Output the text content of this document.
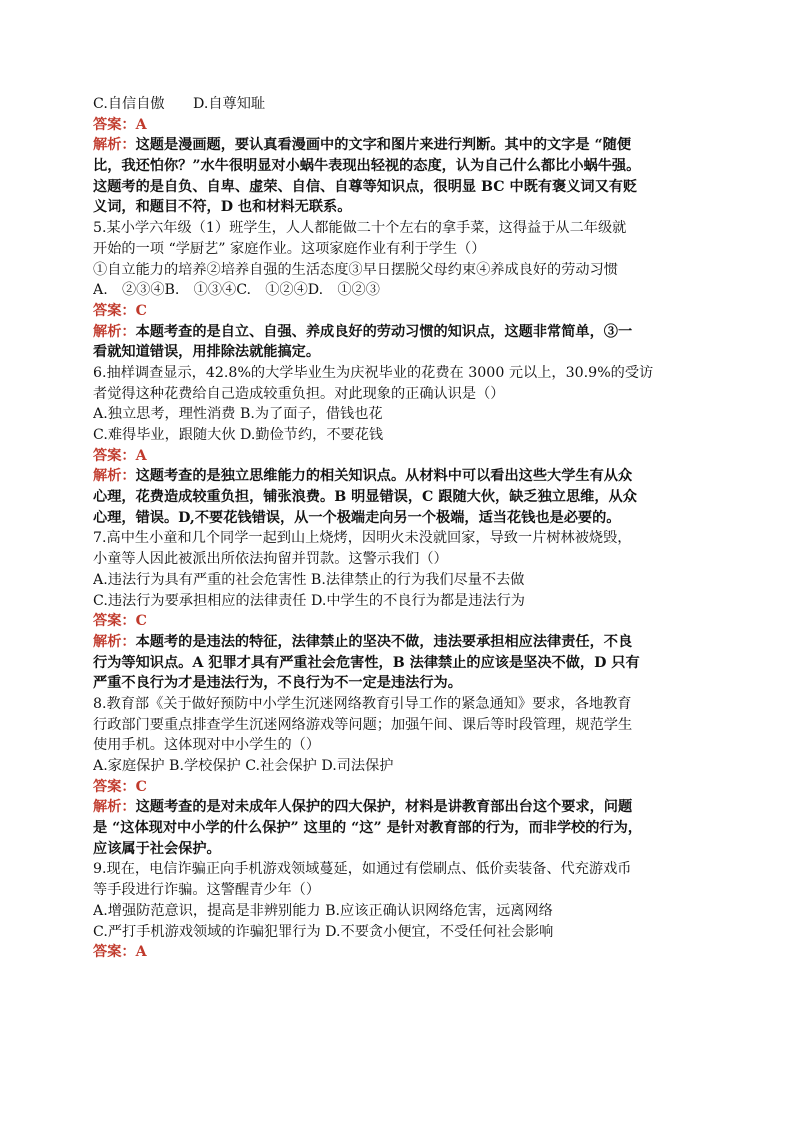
C.自信自傲　　D.自尊知耻
答案：A
解析：这题是漫画题，要认真看漫画中的文字和图片来进行判断。其中的文字是 “随便
比，我还怕你？”水牛很明显对小蜗牛表现出轻视的态度，认为自己什么都比小蜗牛强。
这题考的是自负、自卑、虚荣、自信、自尊等知识点，很明显 BC 中既有褒义词又有贬
义词，和题目不符，D 也和材料无联系。
5.某小学六年级（1）班学生，人人都能做二十个左右的拿手菜，这得益于从二年级就
开始的一项 “学厨艺” 家庭作业。这项家庭作业有利于学生（）
①自立能力的培养②培养自强的生活态度③早日摆脱父母约束④养成良好的劳动习惯
A.　②③④B.　①③④C.　①②④D.　①②③
答案：C
解析：本题考查的是自立、自强、养成良好的劳动习惯的知识点，这题非常简单，③一
看就知道错误，用排除法就能搞定。
6.抽样调查显示，42.8%的大学毕业生为庆祝毕业的花费在 3000 元以上，30.9%的受访
者觉得这种花费给自己造成较重负担。对此现象的正确认识是（）
A.独立思考，理性消费 B.为了面子，借钱也花
C.难得毕业，跟随大伙 D.勤俭节约，不要花钱
答案：A
解析：这题考查的是独立思维能力的相关知识点。从材料中可以看出这些大学生有从众
心理，花费造成较重负担，铺张浪费。B 明显错误，C 跟随大伙，缺乏独立思维，从众
心理，错误。D,不要花钱错误，从一个极端走向另一个极端，适当花钱也是必要的。
7.高中生小童和几个同学一起到山上烧烤，因明火未没就回家，导致一片树林被烧毁，
小童等人因此被派出所依法拘留并罚款。这警示我们（）
A.违法行为具有严重的社会危害性 B.法律禁止的行为我们尽量不去做
C.违法行为要承担相应的法律责任 D.中学生的不良行为都是违法行为
答案：C
解析：本题考的是违法的特征，法律禁止的坚决不做，违法要承担相应法律责任，不良
行为等知识点。A 犯罪才具有严重社会危害性，B 法律禁止的应该是坚决不做，D 只有
严重不良行为才是违法行为，不良行为不一定是违法行为。
8.教育部《关于做好预防中小学生沉迷网络教育引导工作的紧急通知》要求，各地教育
行政部门要重点排查学生沉迷网络游戏等问题；加强午间、课后等时段管理，规范学生
使用手机。这体现对中小学生的（）
A.家庭保护 B.学校保护 C.社会保护 D.司法保护
答案：C
解析：这题考查的是对未成年人保护的四大保护，材料是讲教育部出台这个要求，问题
是 “这体现对中小学的什么保护” 这里的 “这” 是针对教育部的行为，而非学校的行为，
应该属于社会保护。
9.现在，电信诈骗正向手机游戏领域蔓延，如通过有偿刷点、低价卖装备、代充游戏币
等手段进行诈骗。这警醒青少年（）
A.增强防范意识，提高是非辨别能力 B.应该正确认识网络危害，远离网络
C.严打手机游戏领域的诈骗犯罪行为 D.不要贪小便宜，不受任何社会影响
答案：A
